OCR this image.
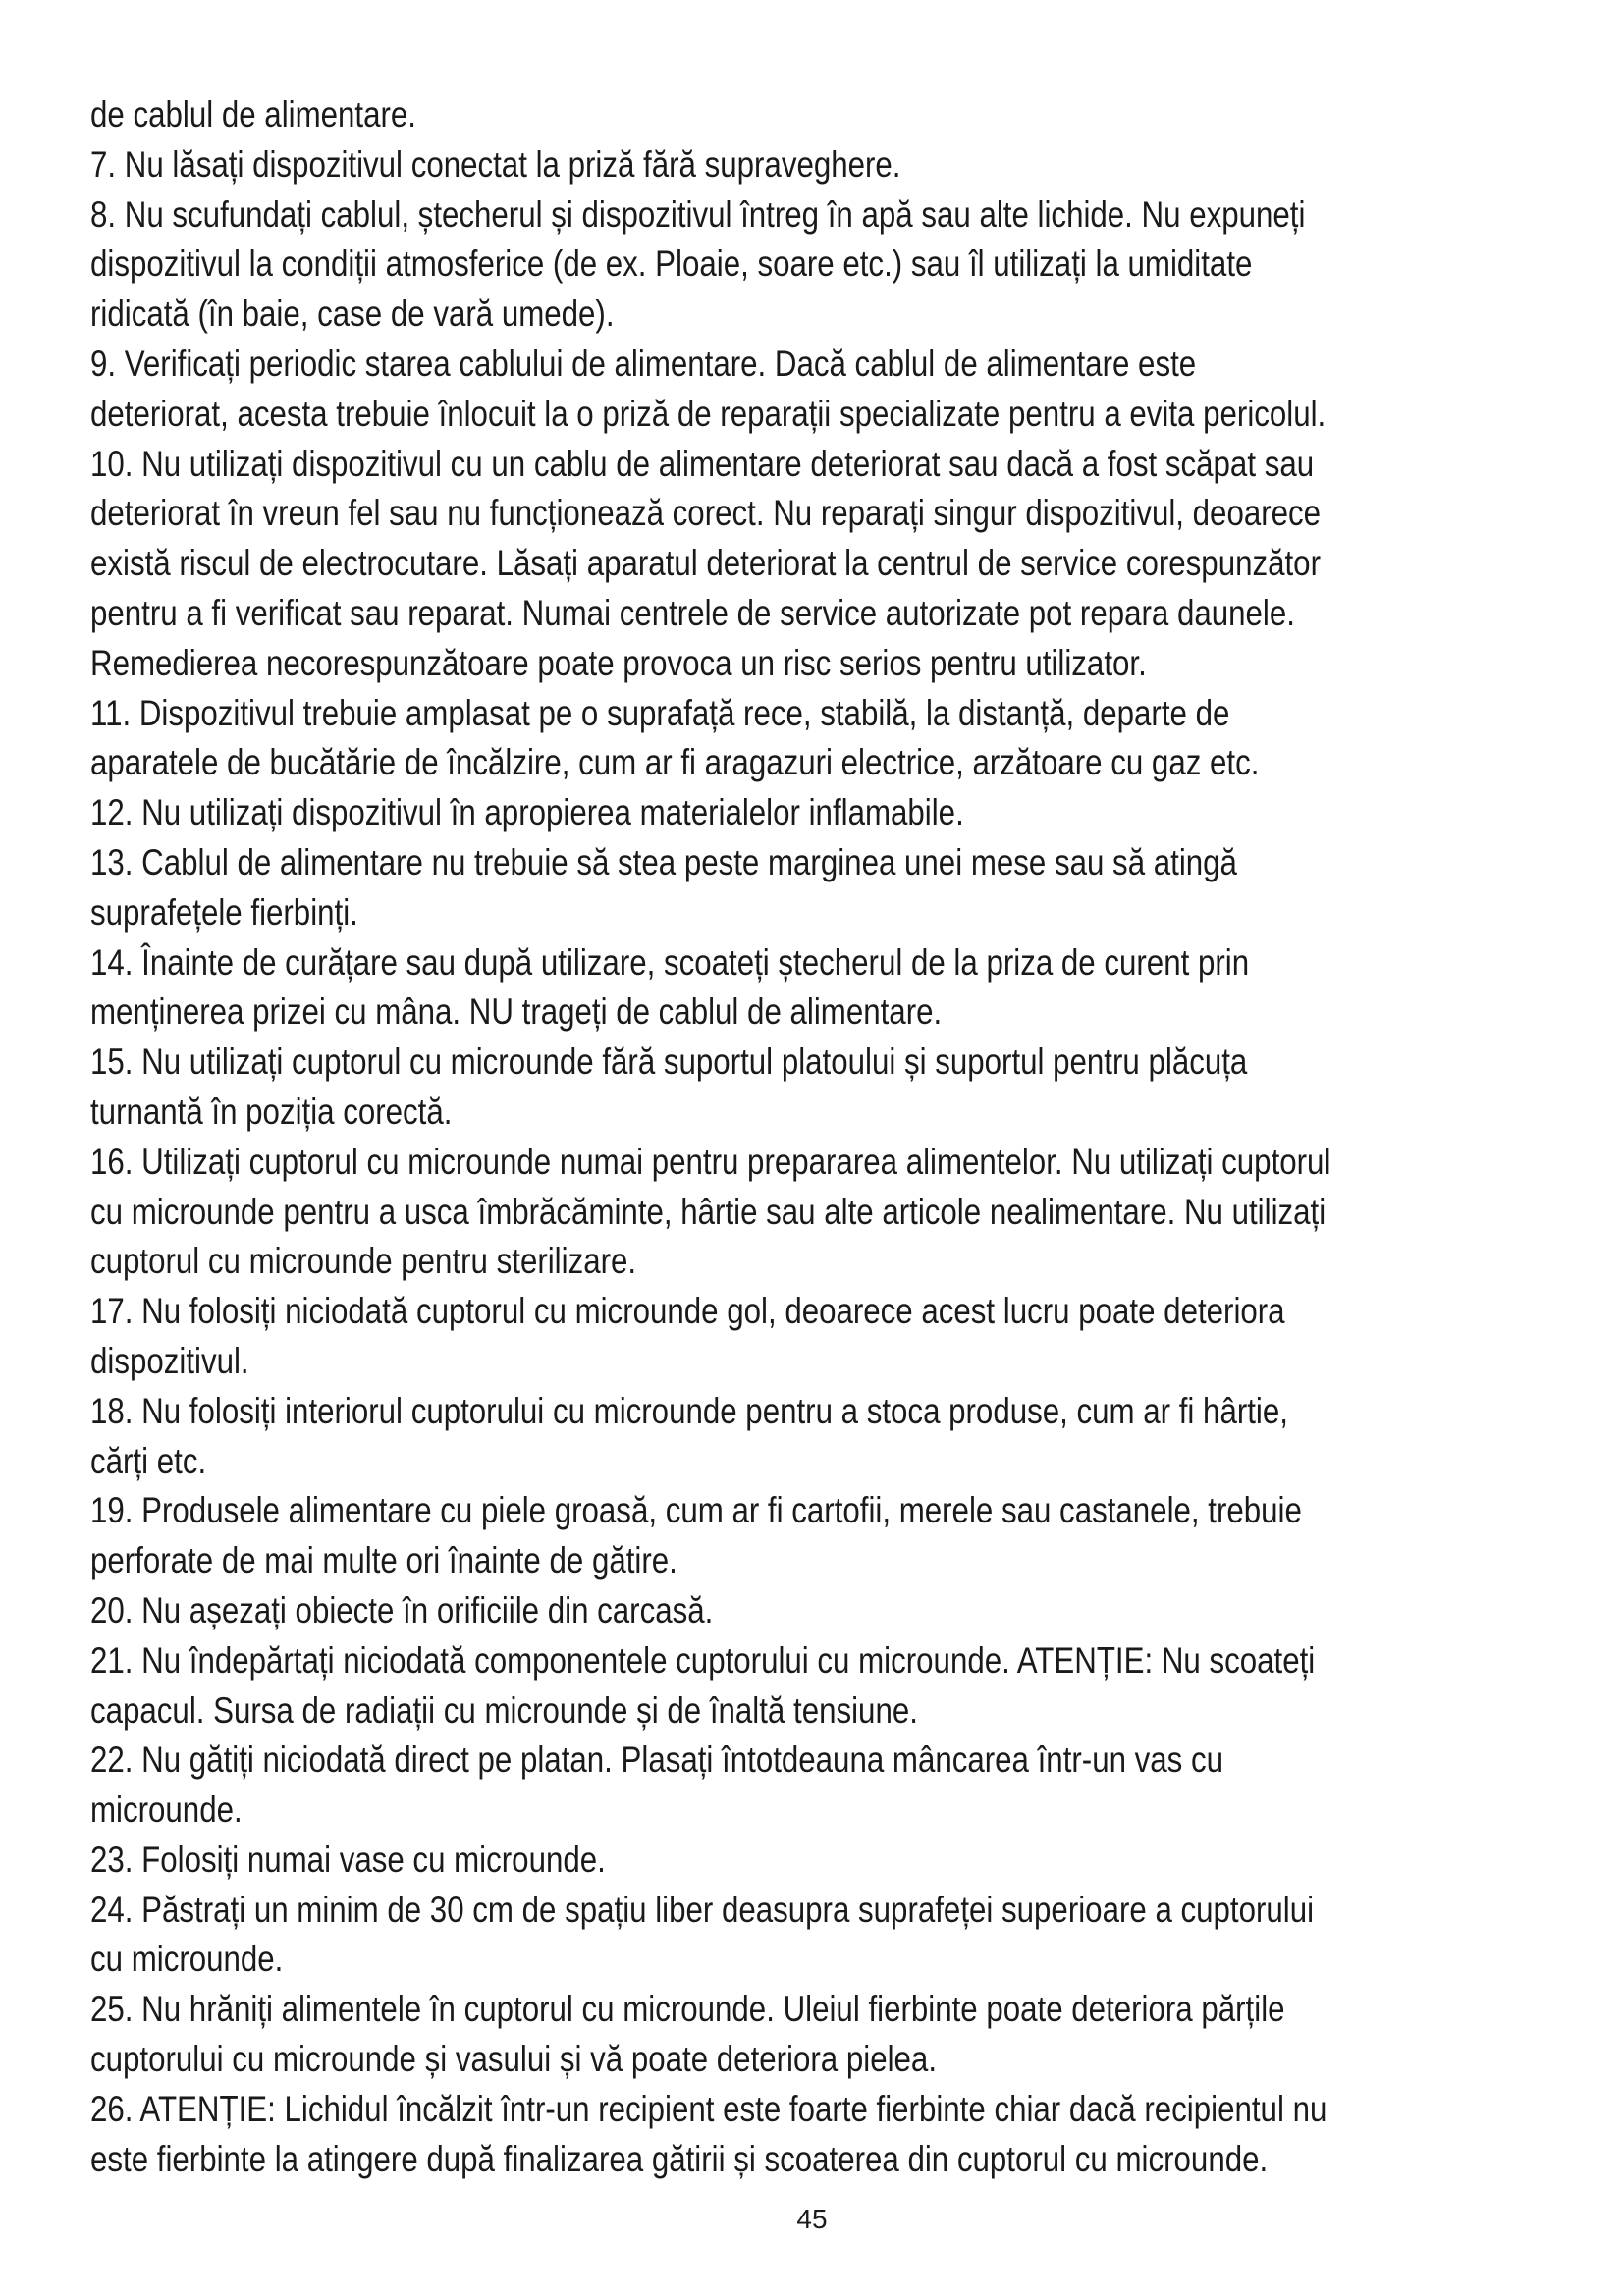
de cablul de alimentare.

7. Nu lăsați dispozitivul conectat la priză fără supraveghere.

8. Nu scufundați cablul, ștecherul și dispozitivul întreg în apă sau alte lichide. Nu expuneți dispozitivul la condiții atmosferice (de ex. Ploaie, soare etc.) sau îl utilizați la umiditate ridicată (în baie, case de vară umede).

9. Verificați periodic starea cablului de alimentare. Dacă cablul de alimentare este deteriorat, acesta trebuie înlocuit la o priză de reparații specializate pentru a evita pericolul.

10. Nu utilizați dispozitivul cu un cablu de alimentare deteriorat sau dacă a fost scăpat sau deteriorat în vreun fel sau nu funcționează corect. Nu reparați singur dispozitivul, deoarece există riscul de electrocutare. Lăsați aparatul deteriorat la centrul de service corespunzător pentru a fi verificat sau reparat. Numai centrele de service autorizate pot repara daunele. Remedierea necorespunzătoare poate provoca un risc serios pentru utilizator.

11. Dispozitivul trebuie amplasat pe o suprafață rece, stabilă, la distanță, departe de aparatele de bucătărie de încălzire, cum ar fi aragazuri electrice, arzătoare cu gaz etc.

12. Nu utilizați dispozitivul în apropierea materialelor inflamabile.

13. Cablul de alimentare nu trebuie să stea peste marginea unei mese sau să atingă suprafețele fierbinți.

14. Înainte de curățare sau după utilizare, scoateți ștecherul de la priza de curent prin menținerea prizei cu mâna. NU trageți de cablul de alimentare.

15. Nu utilizați cuptorul cu microunde fără suportul platoului și suportul pentru plăcuța turnantă în poziția corectă.

16. Utilizați cuptorul cu microunde numai pentru prepararea alimentelor. Nu utilizați cuptorul cu microunde pentru a usca îmbrăcăminte, hârtie sau alte articole nealimentare. Nu utilizați cuptorul cu microunde pentru sterilizare.

17. Nu folosiți niciodată cuptorul cu microunde gol, deoarece acest lucru poate deteriora dispozitivul.

18. Nu folosiți interiorul cuptorului cu microunde pentru a stoca produse, cum ar fi hârtie, cărți etc.

19. Produsele alimentare cu piele groasă, cum ar fi cartofii, merele sau castanele, trebuie perforate de mai multe ori înainte de gătire.

20. Nu așezați obiecte în orificiile din carcasă.

21. Nu îndepărtați niciodată componentele cuptorului cu microunde. ATENȚIE: Nu scoateți capacul. Sursa de radiații cu microunde și de înaltă tensiune.

22. Nu gătiți niciodată direct pe platan. Plasați întotdeauna mâncarea într-un vas cu microunde.

23. Folosiți numai vase cu microunde.

24. Păstrați un minim de 30 cm de spațiu liber deasupra suprafeței superioare a cuptorului cu microunde.

25. Nu hrăniți alimentele în cuptorul cu microunde. Uleiul fierbinte poate deteriora părțile cuptorului cu microunde și vasului și vă poate deteriora pielea.

26. ATENȚIE: Lichidul încălzit într-un recipient este foarte fierbinte chiar dacă recipientul nu este fierbinte la atingere după finalizarea gătirii și scoaterea din cuptorul cu microunde.

45
